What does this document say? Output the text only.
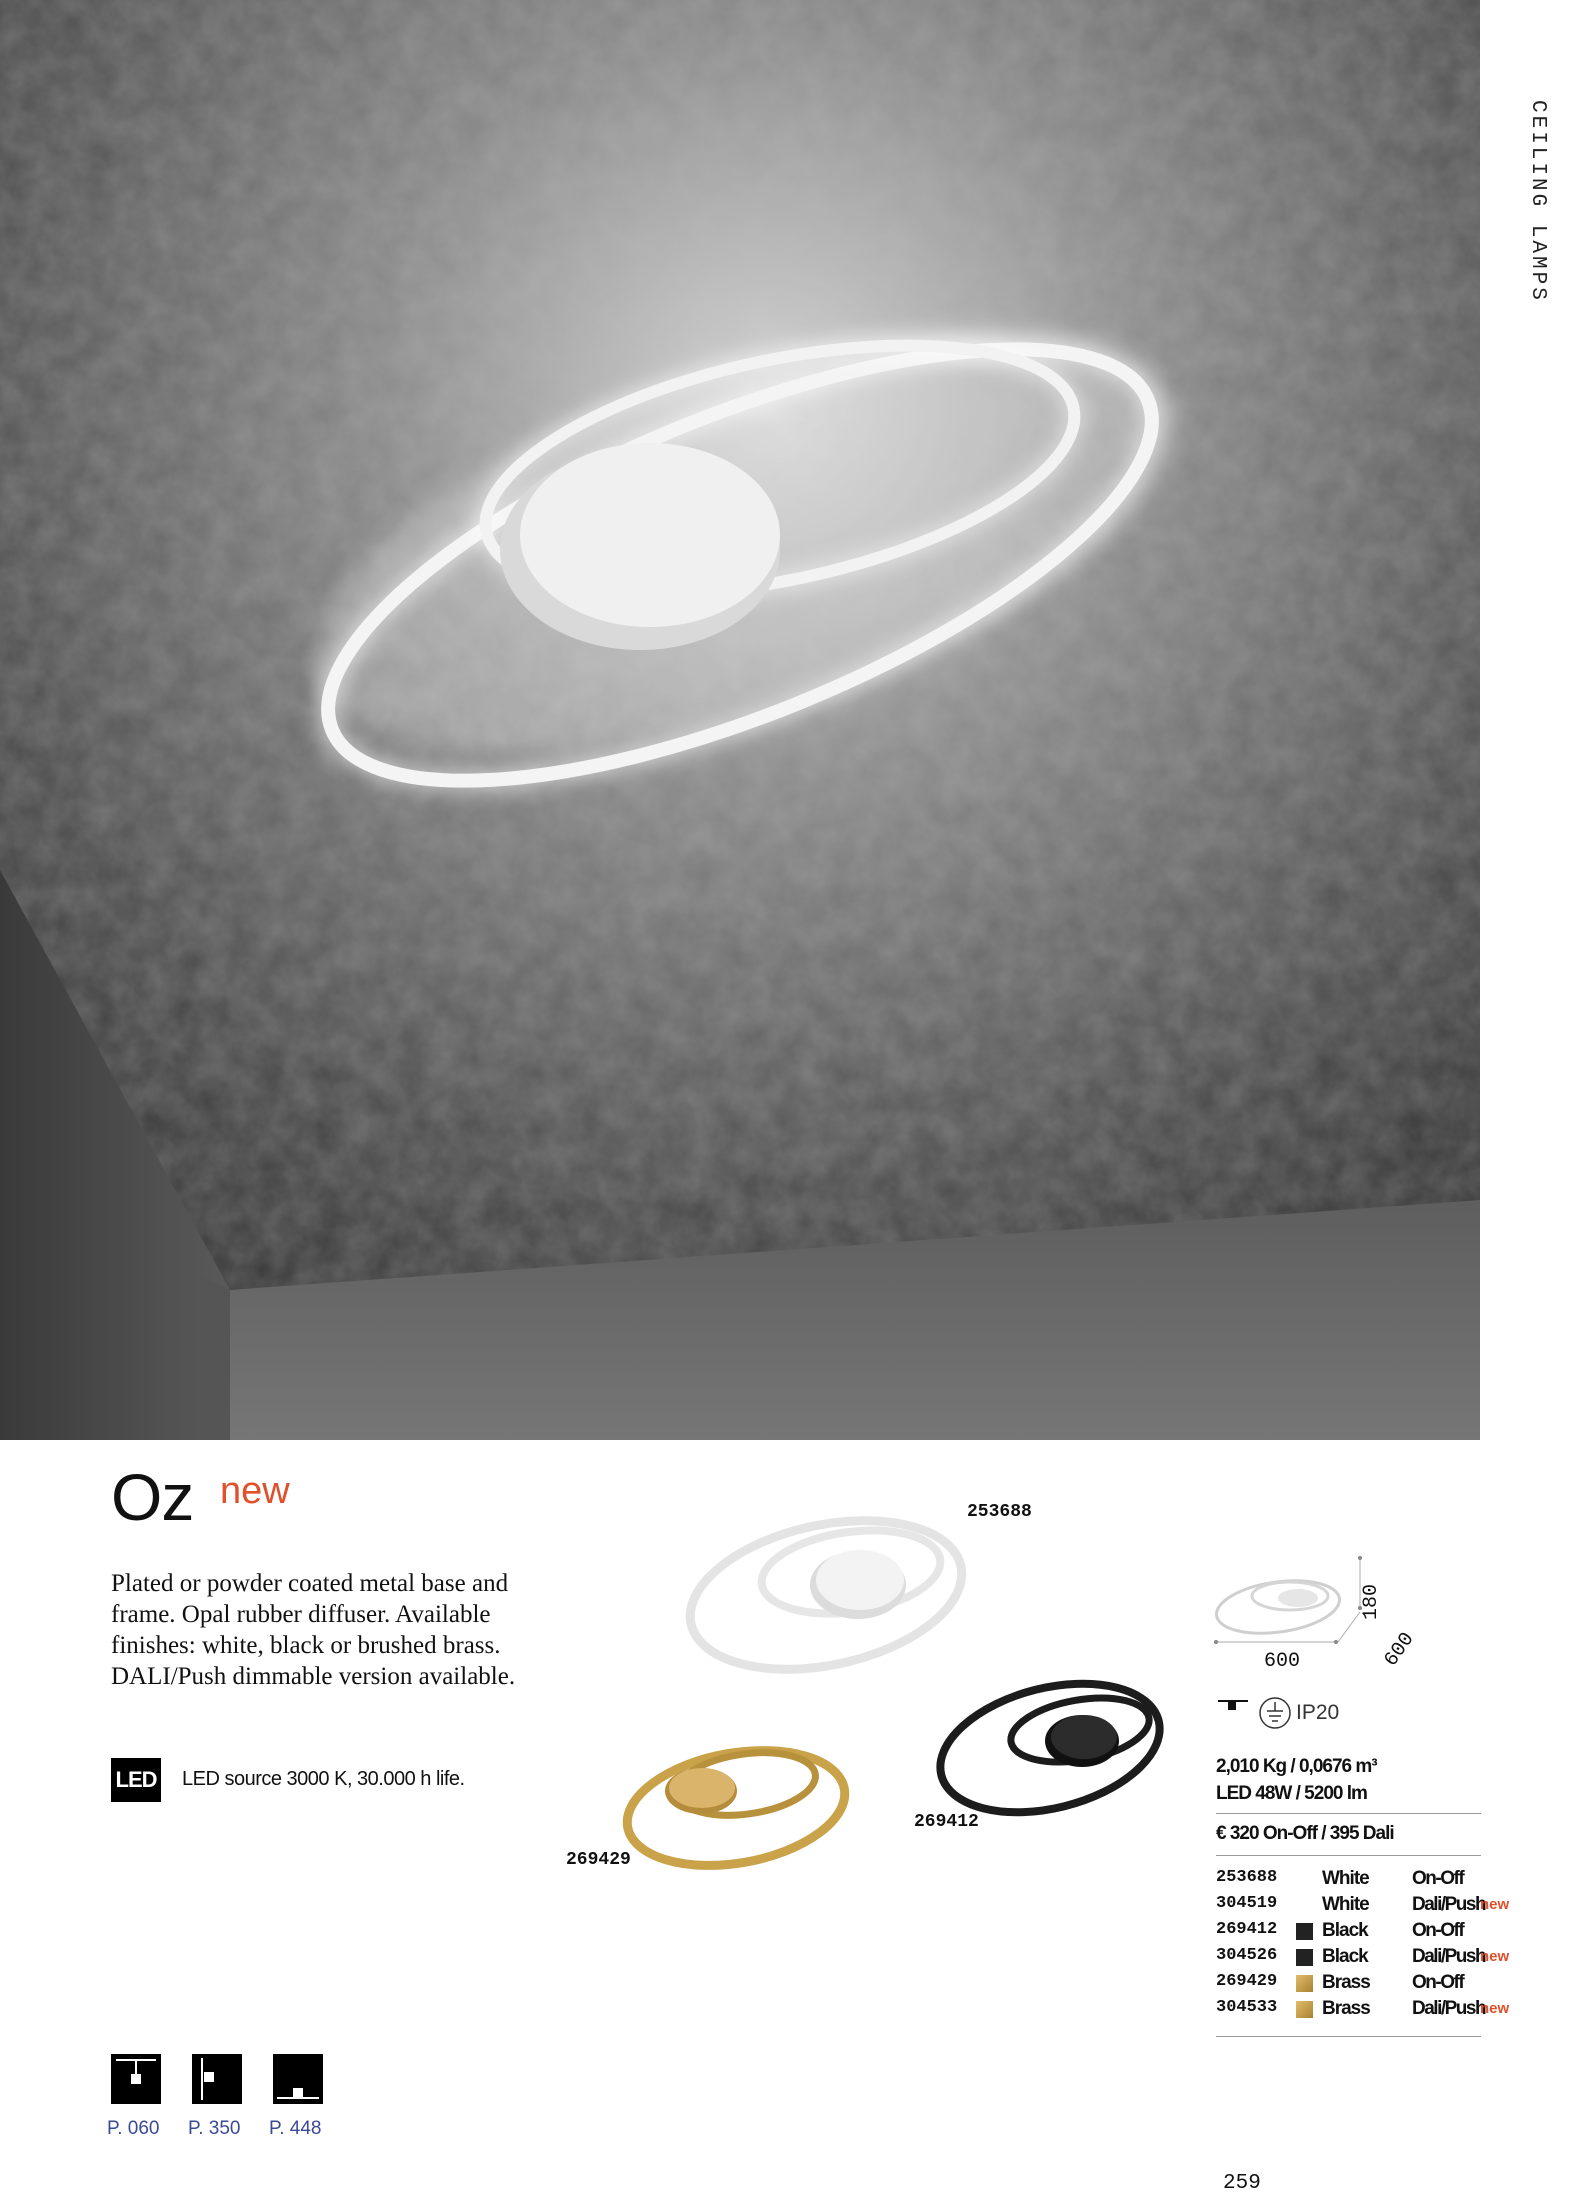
CEILING LAMPS
Oz new
Plated or powder coated metal base and frame. Opal rubber diffuser. Available finishes: white, black or brushed brass. DALI/Push dimmable version available.
LED LED source 3000 K, 30.000 h life.
253688
269429
269412
600
180
600
IP20
2,010 Kg / 0,0676 m³
LED 48W / 5200 lm
€ 320 On-Off / 395 Dali
253688 White On-Off
304519 White Dali/Push
new
269412 Black On-Off
304526 Black Dali/Push
new
269429 Brass On-Off
304533 Brass Dali/Push
new
P. 060 P. 350 P. 448
259
